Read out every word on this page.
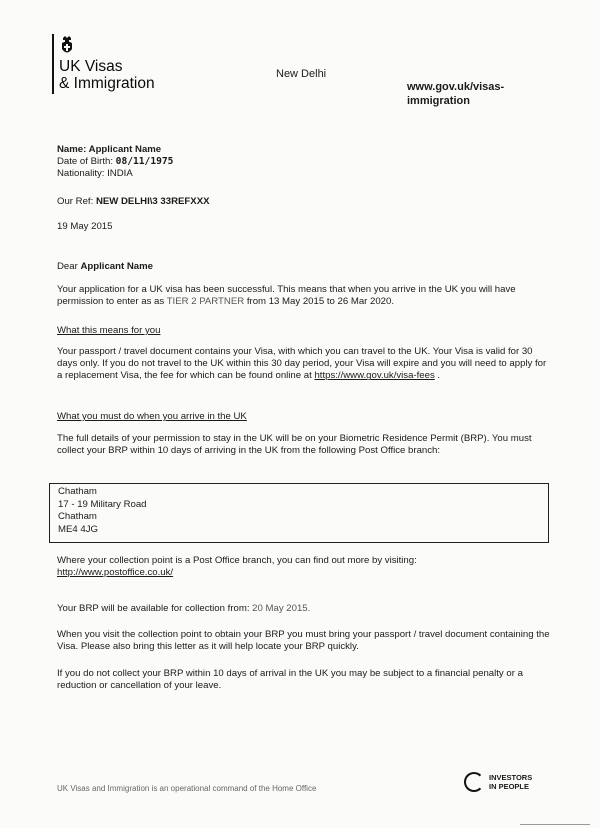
UK Visas
& Immigration
New Delhi
www.gov.uk/visas-immigration
Name: Applicant Name
Date of Birth: 08/11/1975
Nationality: INDIA
Our Ref: NEW DELHI\3 33REFXXX
19 May 2015
Dear Applicant Name
Your application for a UK visa has been successful. This means that when you arrive in the UK you will have permission to enter as as TIER 2 PARTNER from 13 May 2015 to 26 Mar 2020.
What this means for you
Your passport / travel document contains your Visa, with which you can travel to the UK. Your Visa is valid for 30 days only. If you do not travel to the UK within this 30 day period, your Visa will expire and you will need to apply for a replacement Visa, the fee for which can be found online at https://www.gov.uk/visa-fees .
What you must do when you arrive in the UK
The full details of your permission to stay in the UK will be on your Biometric Residence Permit (BRP). You must collect your BRP within 10 days of arriving in the UK from the following Post Office branch:
Chatham
17 - 19 Military Road
Chatham
ME4 4JG
Where your collection point is a Post Office branch, you can find out more by visiting:
http://www.postoffice.co.uk/
Your BRP will be available for collection from: 20 May 2015.
When you visit the collection point to obtain your BRP you must bring your passport / travel document containing the Visa. Please also bring this letter as it will help locate your BRP quickly.
If you do not collect your BRP within 10 days of arrival in the UK you may be subject to a financial penalty or a reduction or cancellation of your leave.
UK Visas and Immigration is an operational command of the Home Office
INVESTORS
IN PEOPLE
